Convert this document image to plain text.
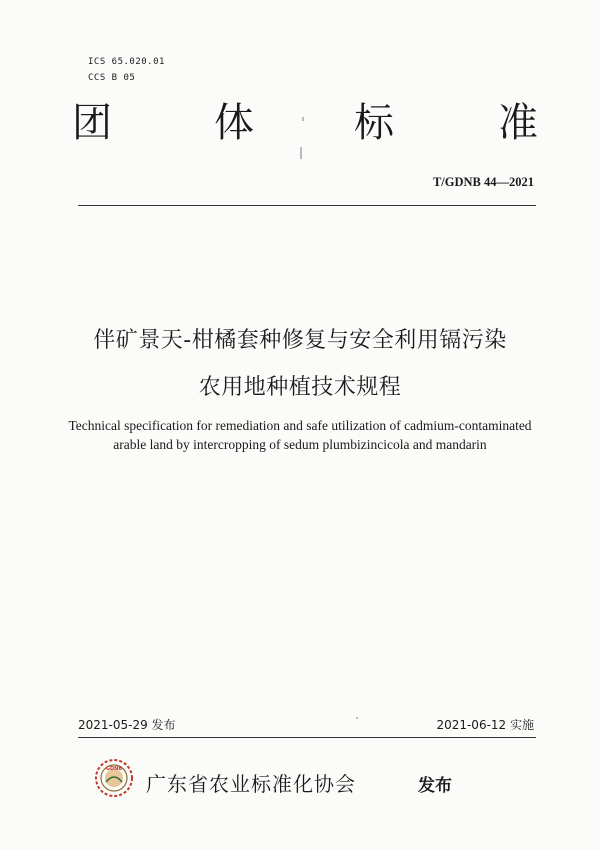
ICS 65.020.01
CCS B 05
团	体	标	准
T/GDNB 44—2021
伴矿景天-柑橘套种修复与安全利用镉污染
农用地种植技术规程
Technical specification for remediation and safe utilization of cadmium-contaminated
arable land by intercropping of sedum plumbizincicola and mandarin
2021-05-29 发布	2021-06-12 实施
GDNB
广东省农业标准化协会	发布
